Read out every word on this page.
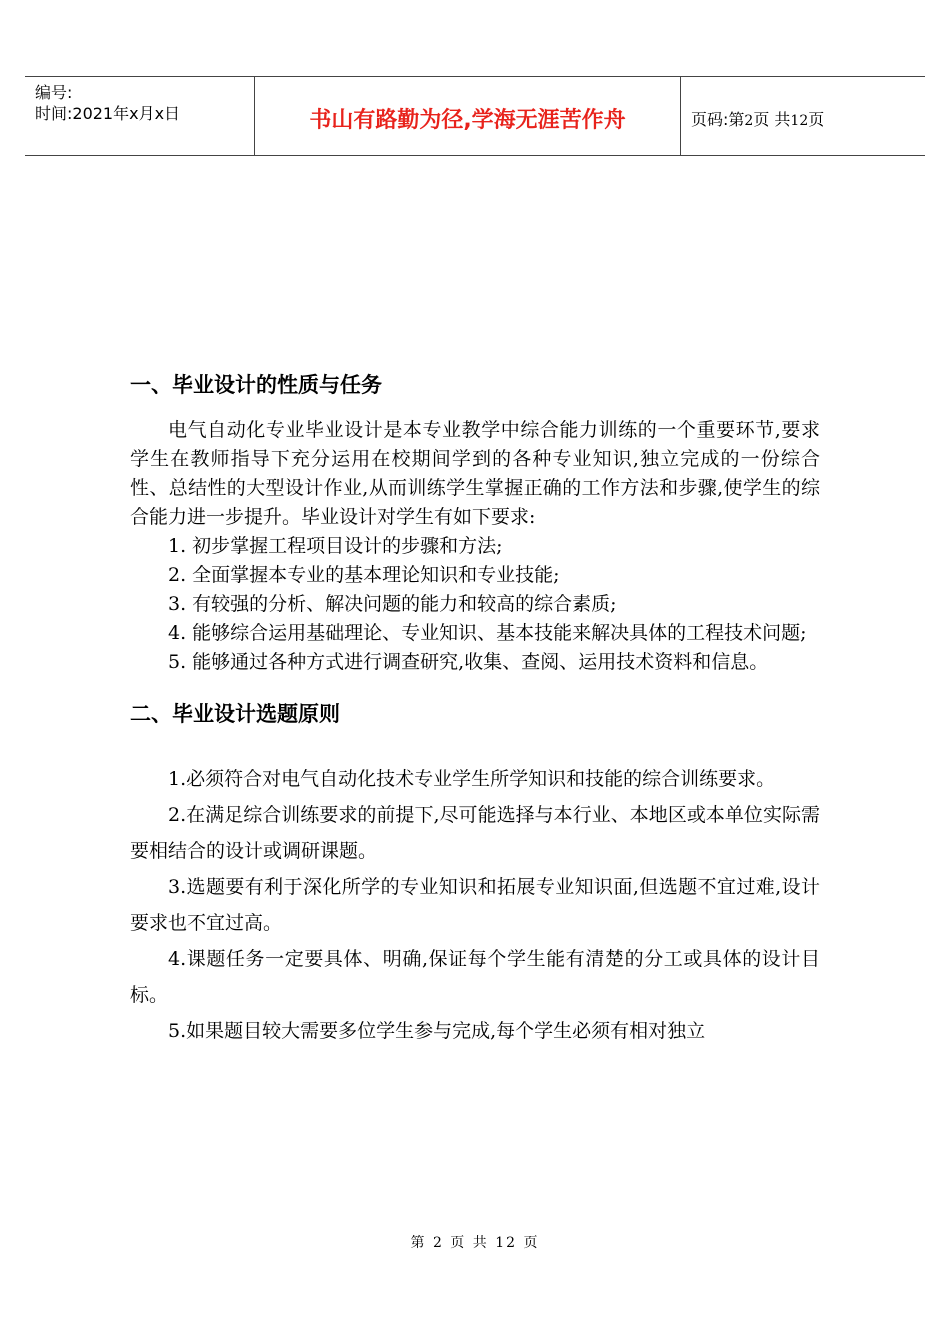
编号:
时间:2021年x月x日	书山有路勤为径,学海无涯苦作舟	页码:第2页 共12页
一、毕业设计的性质与任务

电气自动化专业毕业设计是本专业教学中综合能力训练的一个重要环节,要求学生在教师指导下充分运用在校期间学到的各种专业知识,独立完成的一份综合性、总结性的大型设计作业,从而训练学生掌握正确的工作方法和步骤,使学生的综合能力进一步提升。毕业设计对学生有如下要求:

1. 初步掌握工程项目设计的步骤和方法;

2. 全面掌握本专业的基本理论知识和专业技能;

3. 有较强的分析、解决问题的能力和较高的综合素质;

4. 能够综合运用基础理论、专业知识、基本技能来解决具体的工程技术问题;

5. 能够通过各种方式进行调查研究,收集、查阅、运用技术资料和信息。

二、毕业设计选题原则

1.必须符合对电气自动化技术专业学生所学知识和技能的综合训练要求。

2.在满足综合训练要求的前提下,尽可能选择与本行业、本地区或本单位实际需要相结合的设计或调研课题。

3.选题要有利于深化所学的专业知识和拓展专业知识面,但选题不宜过难,设计要求也不宜过高。

4.课题任务一定要具体、明确,保证每个学生能有清楚的分工或具体的设计目标。

5.如果题目较大需要多位学生参与完成,每个学生必须有相对独立

第 2 页 共 12 页
